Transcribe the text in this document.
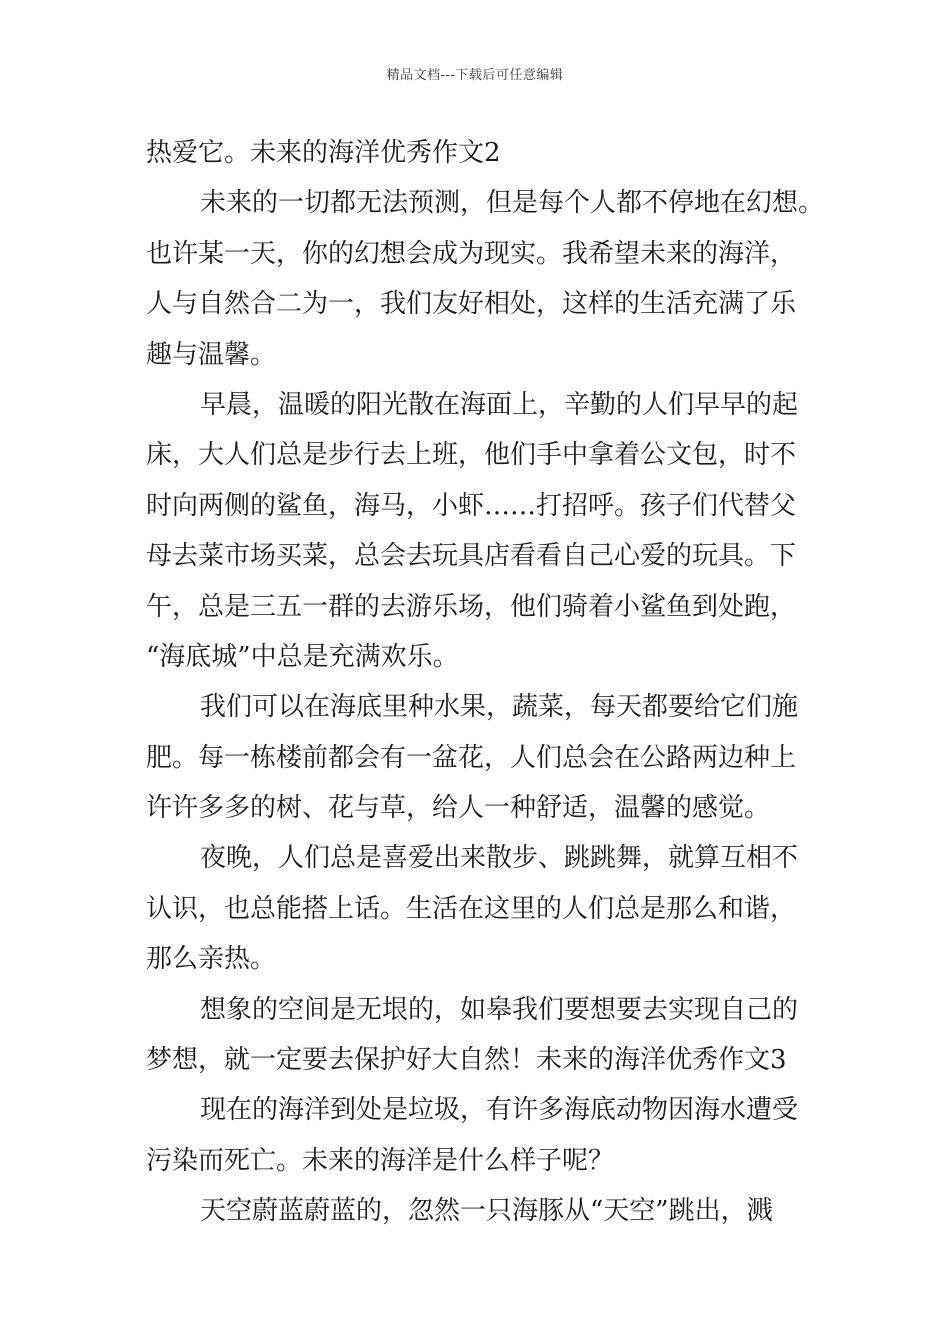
精品文档---下载后可任意编辑
热爱它。未来的海洋优秀作文2
未来的一切都无法预测，但是每个人都不停地在幻想。
也许某一天，你的幻想会成为现实。我希望未来的海洋，
人与自然合二为一，我们友好相处，这样的生活充满了乐
趣与温馨。
早晨，温暖的阳光散在海面上，辛勤的人们早早的起
床，大人们总是步行去上班，他们手中拿着公文包，时不
时向两侧的鲨鱼，海马，小虾……打招呼。孩子们代替父
母去菜市场买菜，总会去玩具店看看自己心爱的玩具。下
午，总是三五一群的去游乐场，他们骑着小鲨鱼到处跑，
“海底城”中总是充满欢乐。
我们可以在海底里种水果，蔬菜，每天都要给它们施
肥。每一栋楼前都会有一盆花，人们总会在公路两边种上
许许多多的树、花与草，给人一种舒适，温馨的感觉。
夜晚，人们总是喜爱出来散步、跳跳舞，就算互相不
认识，也总能搭上话。生活在这里的人们总是那么和谐，
那么亲热。
想象的空间是无垠的，如皋我们要想要去实现自己的
梦想，就一定要去保护好大自然！未来的海洋优秀作文3
现在的海洋到处是垃圾，有许多海底动物因海水遭受
污染而死亡。未来的海洋是什么样子呢？
天空蔚蓝蔚蓝的，忽然一只海豚从“天空”跳出，溅
